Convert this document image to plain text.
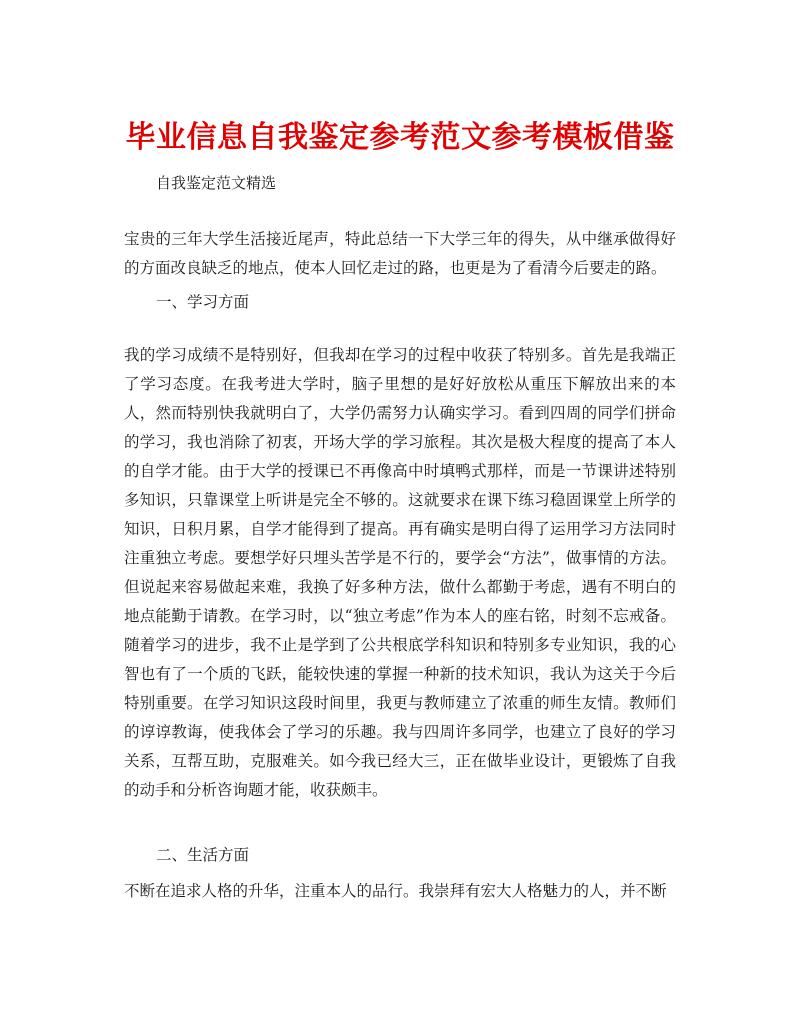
毕业信息自我鉴定参考范文参考模板借鉴

自我鉴定范文精选

宝贵的三年大学生活接近尾声，特此总结一下大学三年的得失，从中继承做得好的方面改良缺乏的地点，使本人回忆走过的路，也更是为了看清今后要走的路。

一、学习方面

我的学习成绩不是特别好，但我却在学习的过程中收获了特别多。首先是我端正了学习态度。在我考进大学时，脑子里想的是好好放松从重压下解放出来的本人，然而特别快我就明白了，大学仍需努力认确实学习。看到四周的同学们拼命的学习，我也消除了初衷，开场大学的学习旅程。其次是极大程度的提高了本人的自学才能。由于大学的授课已不再像高中时填鸭式那样，而是一节课讲述特别多知识，只靠课堂上听讲是完全不够的。这就要求在课下练习稳固课堂上所学的知识，日积月累，自学才能得到了提高。再有确实是明白得了运用学习方法同时注重独立考虑。要想学好只埋头苦学是不行的，要学会“方法”，做事情的方法。但说起来容易做起来难，我换了好多种方法，做什么都勤于考虑，遇有不明白的地点能勤于请教。在学习时，以“独立考虑”作为本人的座右铭，时刻不忘戒备。随着学习的进步，我不止是学到了公共根底学科知识和特别多专业知识，我的心智也有了一个质的飞跃，能较快速的掌握一种新的技术知识，我认为这关于今后特别重要。在学习知识这段时间里，我更与教师建立了浓重的师生友情。教师们的谆谆教诲，使我体会了学习的乐趣。我与四周许多同学，也建立了良好的学习关系，互帮互助，克服难关。如今我已经大三，正在做毕业设计，更锻炼了自我的动手和分析咨询题才能，收获颇丰。

二、生活方面

不断在追求人格的升华，注重本人的品行。我崇拜有宏大人格魅力的人，并不断
